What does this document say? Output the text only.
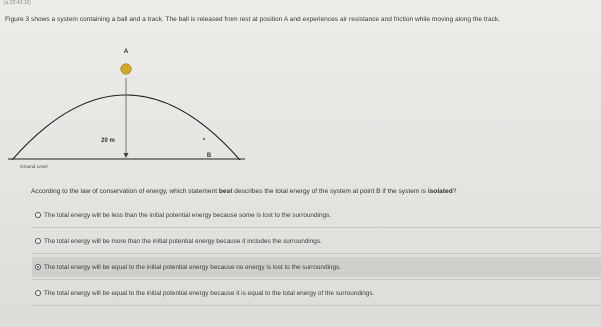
(a:22:43:10)
Figure 3 shows a system containing a ball and a track. The ball is released from rest at position A and experiences air resistance and friction while moving along the track.
A
B
20 m
Ground Level
According to the law of conservation of energy, which statement best describes the total energy of the system at point B if the system is isolated?
The total energy will be less than the initial potential energy because some is lost to the surroundings.
The total energy will be more than the initial potential energy because it includes the surroundings.
The total energy will be equal to the initial potential energy because no energy is lost to the surroundings.
The total energy will be equal to the initial potential energy because it is equal to the total energy of the surroundings.
